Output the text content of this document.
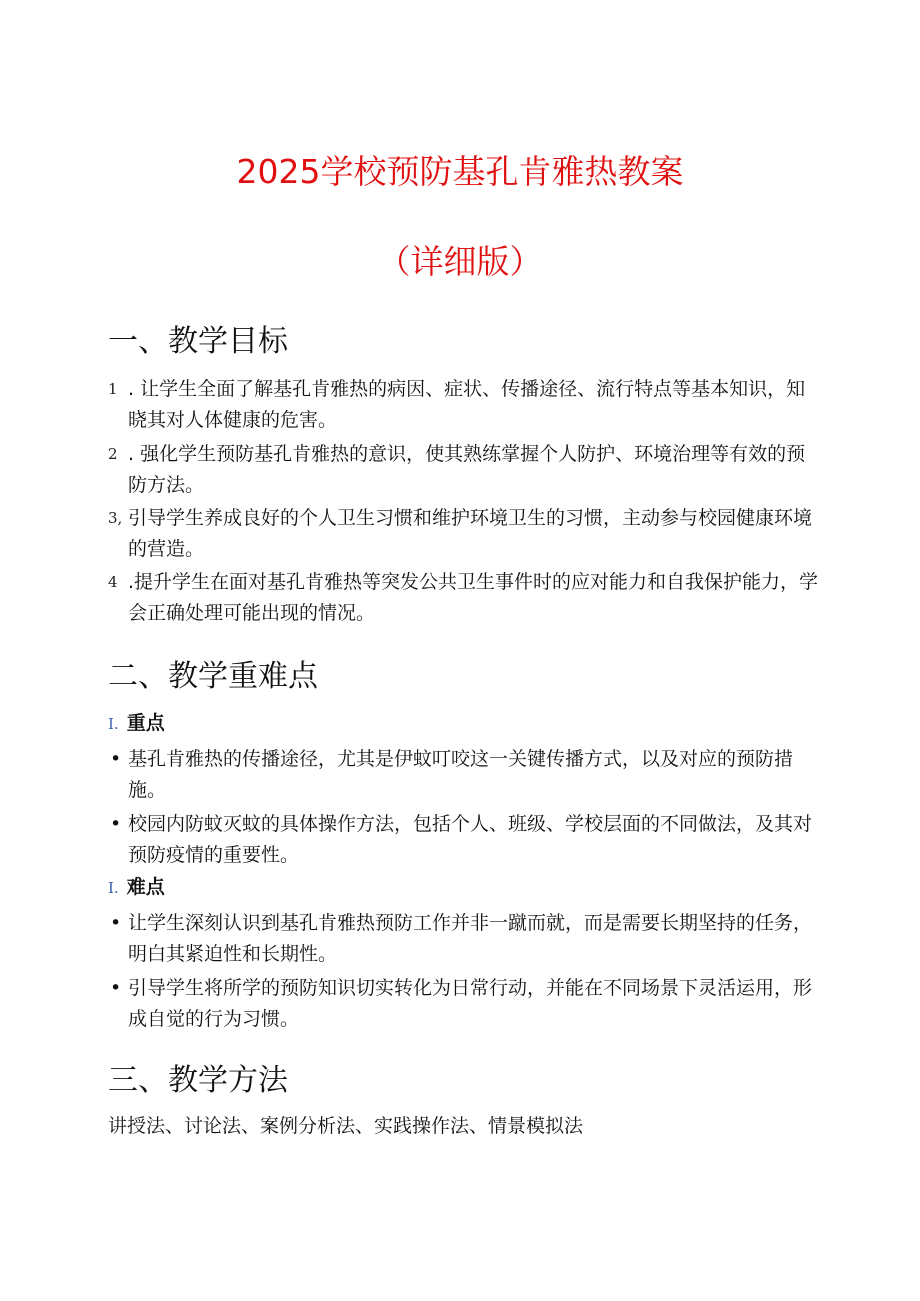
2025学校预防基孔肯雅热教案
（详细版）
一、教学目标
1 . 让学生全面了解基孔肯雅热的病因、症状、传播途径、流行特点等基本知识，知晓其对人体健康的危害。
2 . 强化学生预防基孔肯雅热的意识，使其熟练掌握个人防护、环境治理等有效的预防方法。
3, 引导学生养成良好的个人卫生习惯和维护环境卫生的习惯，主动参与校园健康环境的营造。
4 .提升学生在面对基孔肯雅热等突发公共卫生事件时的应对能力和自我保护能力，学会正确处理可能出现的情况。
二、教学重难点
I. 重点
• 基孔肯雅热的传播途径，尤其是伊蚊叮咬这一关键传播方式，以及对应的预防措施。
• 校园内防蚊灭蚊的具体操作方法，包括个人、班级、学校层面的不同做法，及其对预防疫情的重要性。
I. 难点
• 让学生深刻认识到基孔肯雅热预防工作并非一蹴而就，而是需要长期坚持的任务，明白其紧迫性和长期性。
• 引导学生将所学的预防知识切实转化为日常行动，并能在不同场景下灵活运用，形成自觉的行为习惯。
三、教学方法
讲授法、讨论法、案例分析法、实践操作法、情景模拟法
